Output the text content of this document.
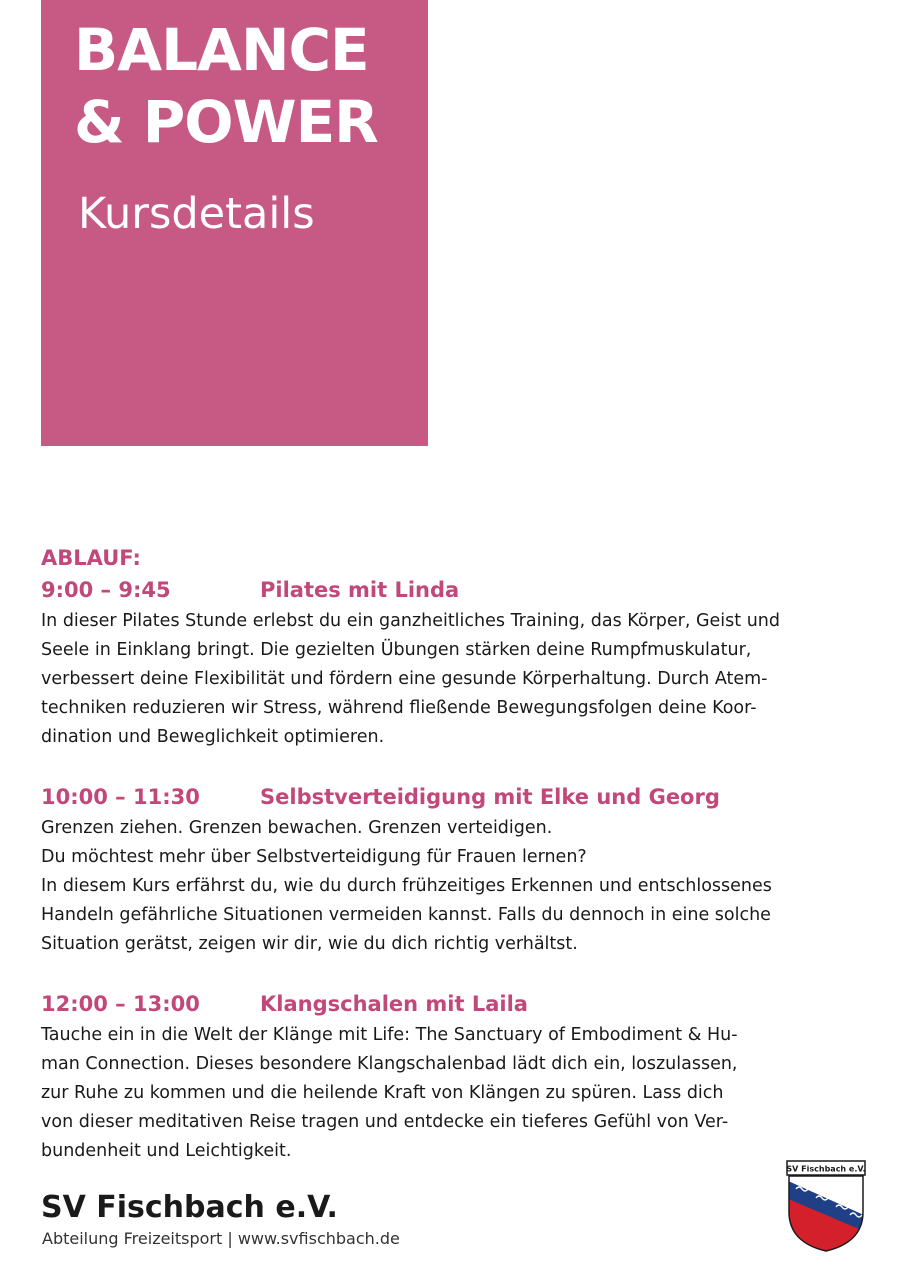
BALANCE
& POWER
Kursdetails

ABLAUF:

9:00 – 9:45	Pilates mit Linda

In dieser Pilates Stunde erlebst du ein ganzheitliches Training, das Körper, Geist und
Seele in Einklang bringt. Die gezielten Übungen stärken deine Rumpfmuskulatur,
verbessert deine Flexibilität und fördern eine gesunde Körperhaltung. Durch Atem-
techniken reduzieren wir Stress, während fließende Bewegungsfolgen deine Koor-
dination und Beweglichkeit optimieren.

10:00 – 11:30	Selbstverteidigung mit Elke und Georg

Grenzen ziehen. Grenzen bewachen. Grenzen verteidigen.
Du möchtest mehr über Selbstverteidigung für Frauen lernen?
In diesem Kurs erfährst du, wie du durch frühzeitiges Erkennen und entschlossenes
Handeln gefährliche Situationen vermeiden kannst. Falls du dennoch in eine solche
Situation gerätst, zeigen wir dir, wie du dich richtig verhältst.

12:00 – 13:00	Klangschalen mit Laila

Tauche ein in die Welt der Klänge mit Life: The Sanctuary of Embodiment & Hu-
man Connection. Dieses besondere Klangschalenbad lädt dich ein, loszulassen,
zur Ruhe zu kommen und die heilende Kraft von Klängen zu spüren. Lass dich
von dieser meditativen Reise tragen und entdecke ein tieferes Gefühl von Ver-
bundenheit und Leichtigkeit.

SV Fischbach e.V.

Abteilung Freizeitsport | www.svfischbach.de

SV Fischbach e.V.
